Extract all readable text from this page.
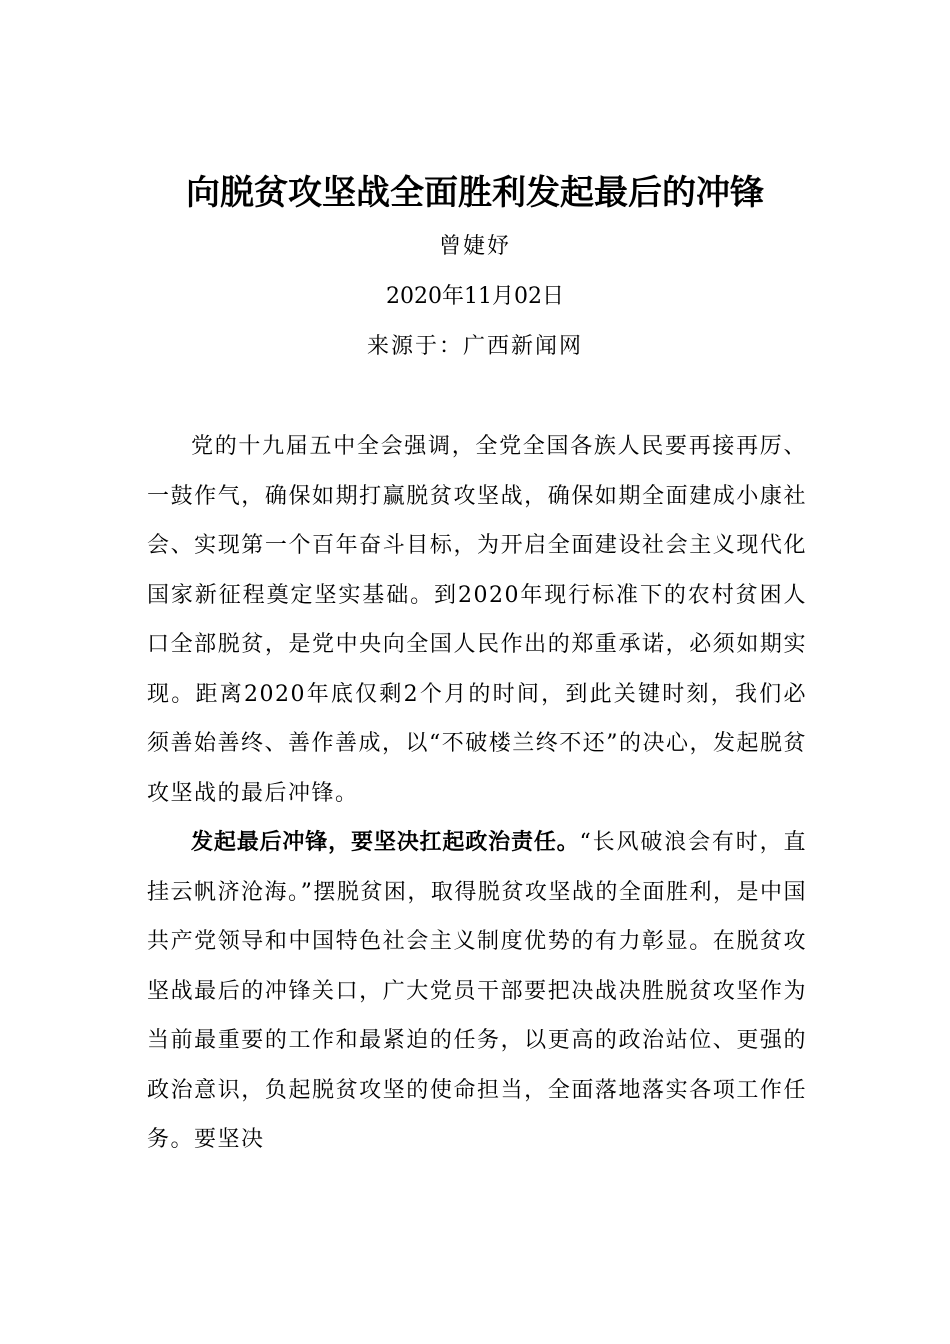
向脱贫攻坚战全面胜利发起最后的冲锋

曾婕妤

2020年11月02日

来源于：广西新闻网

党的十九届五中全会强调，全党全国各族人民要再接再厉、一鼓作气，确保如期打赢脱贫攻坚战，确保如期全面建成小康社会、实现第一个百年奋斗目标，为开启全面建设社会主义现代化国家新征程奠定坚实基础。到2020年现行标准下的农村贫困人口全部脱贫，是党中央向全国人民作出的郑重承诺，必须如期实现。距离2020年底仅剩2个月的时间，到此关键时刻，我们必须善始善终、善作善成，以“不破楼兰终不还”的决心，发起脱贫攻坚战的最后冲锋。

发起最后冲锋，要坚决扛起政治责任。“长风破浪会有时，直挂云帆济沧海。”摆脱贫困，取得脱贫攻坚战的全面胜利，是中国共产党领导和中国特色社会主义制度优势的有力彰显。在脱贫攻坚战最后的冲锋关口，广大党员干部要把决战决胜脱贫攻坚作为当前最重要的工作和最紧迫的任务，以更高的政治站位、更强的政治意识，负起脱贫攻坚的使命担当，全面落地落实各项工作任务。要坚决
